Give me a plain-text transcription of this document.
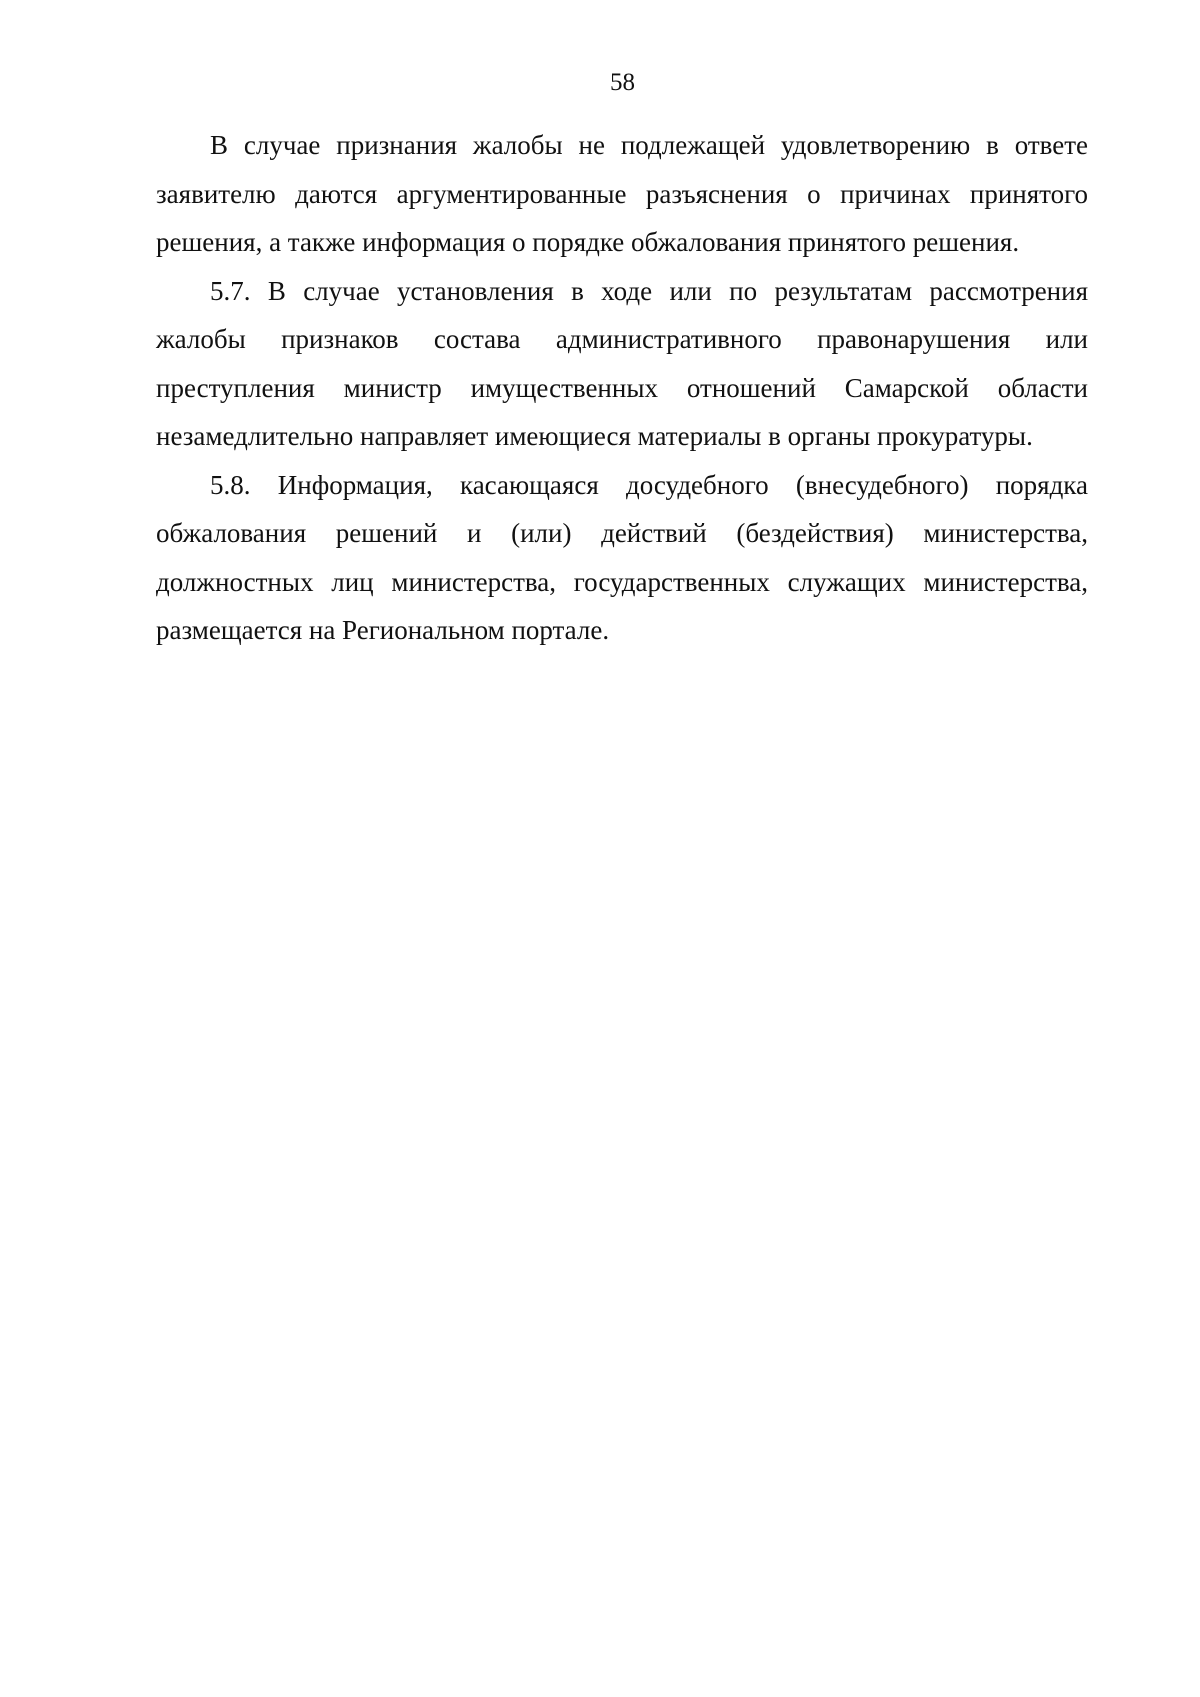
58

В случае признания жалобы не подлежащей удовлетворению в ответе заявителю даются аргументированные разъяснения о причинах принятого решения, а также информация о порядке обжалования принятого решения.

5.7. В случае установления в ходе или по результатам рассмотрения жалобы признаков состава административного правонарушения или преступления министр имущественных отношений Самарской области незамедлительно направляет имеющиеся материалы в органы прокуратуры.

5.8. Информация, касающаяся досудебного (внесудебного) порядка обжалования решений и (или) действий (бездействия) министерства, должностных лиц министерства, государственных служащих министерства, размещается на Региональном портале.
